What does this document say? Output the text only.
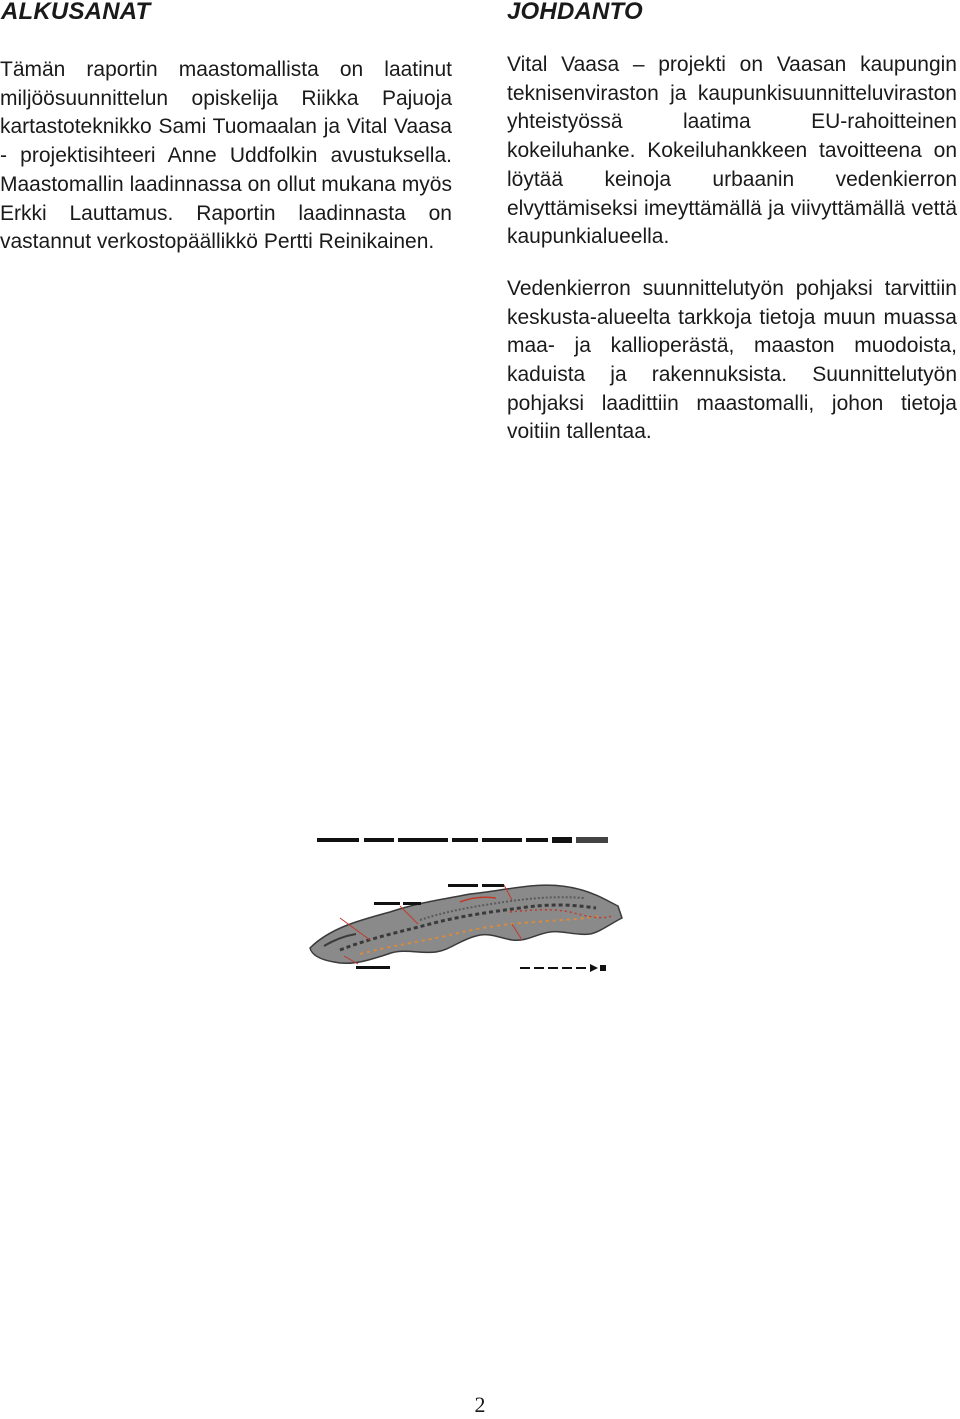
ALKUSANAT

Tämän raportin maastomallista on laatinut miljöösuunnittelun opiskelija Riikka Pajuoja kartastoteknikko Sami Tuomaalan ja Vital Vaasa - projektisihteeri Anne Uddfolkin avustuksella. Maastomallin laadinnassa on ollut mukana myös Erkki Lauttamus. Raportin laadinnasta on vastannut verkostopäällikkö Pertti Reinikainen.

JOHDANTO

Vital Vaasa – projekti on Vaasan kaupungin teknisenviraston ja kaupunkisuunnitteluviraston yhteistyössä laatima EU-rahoitteinen kokeiluhanke. Kokeiluhankkeen tavoitteena on löytää keinoja urbaanin vedenkierron elvyttämiseksi imeyttämällä ja viivyttämällä vettä kaupunkialueella.

Vedenkierron suunnittelutyön pohjaksi tarvittiin keskusta-alueelta tarkkoja tietoja muun muassa maa- ja kallioperästä, maaston muodoista, kaduista ja rakennuksista. Suunnittelutyön pohjaksi laadittiin maastomalli, johon tietoja voitiin tallentaa.

2
